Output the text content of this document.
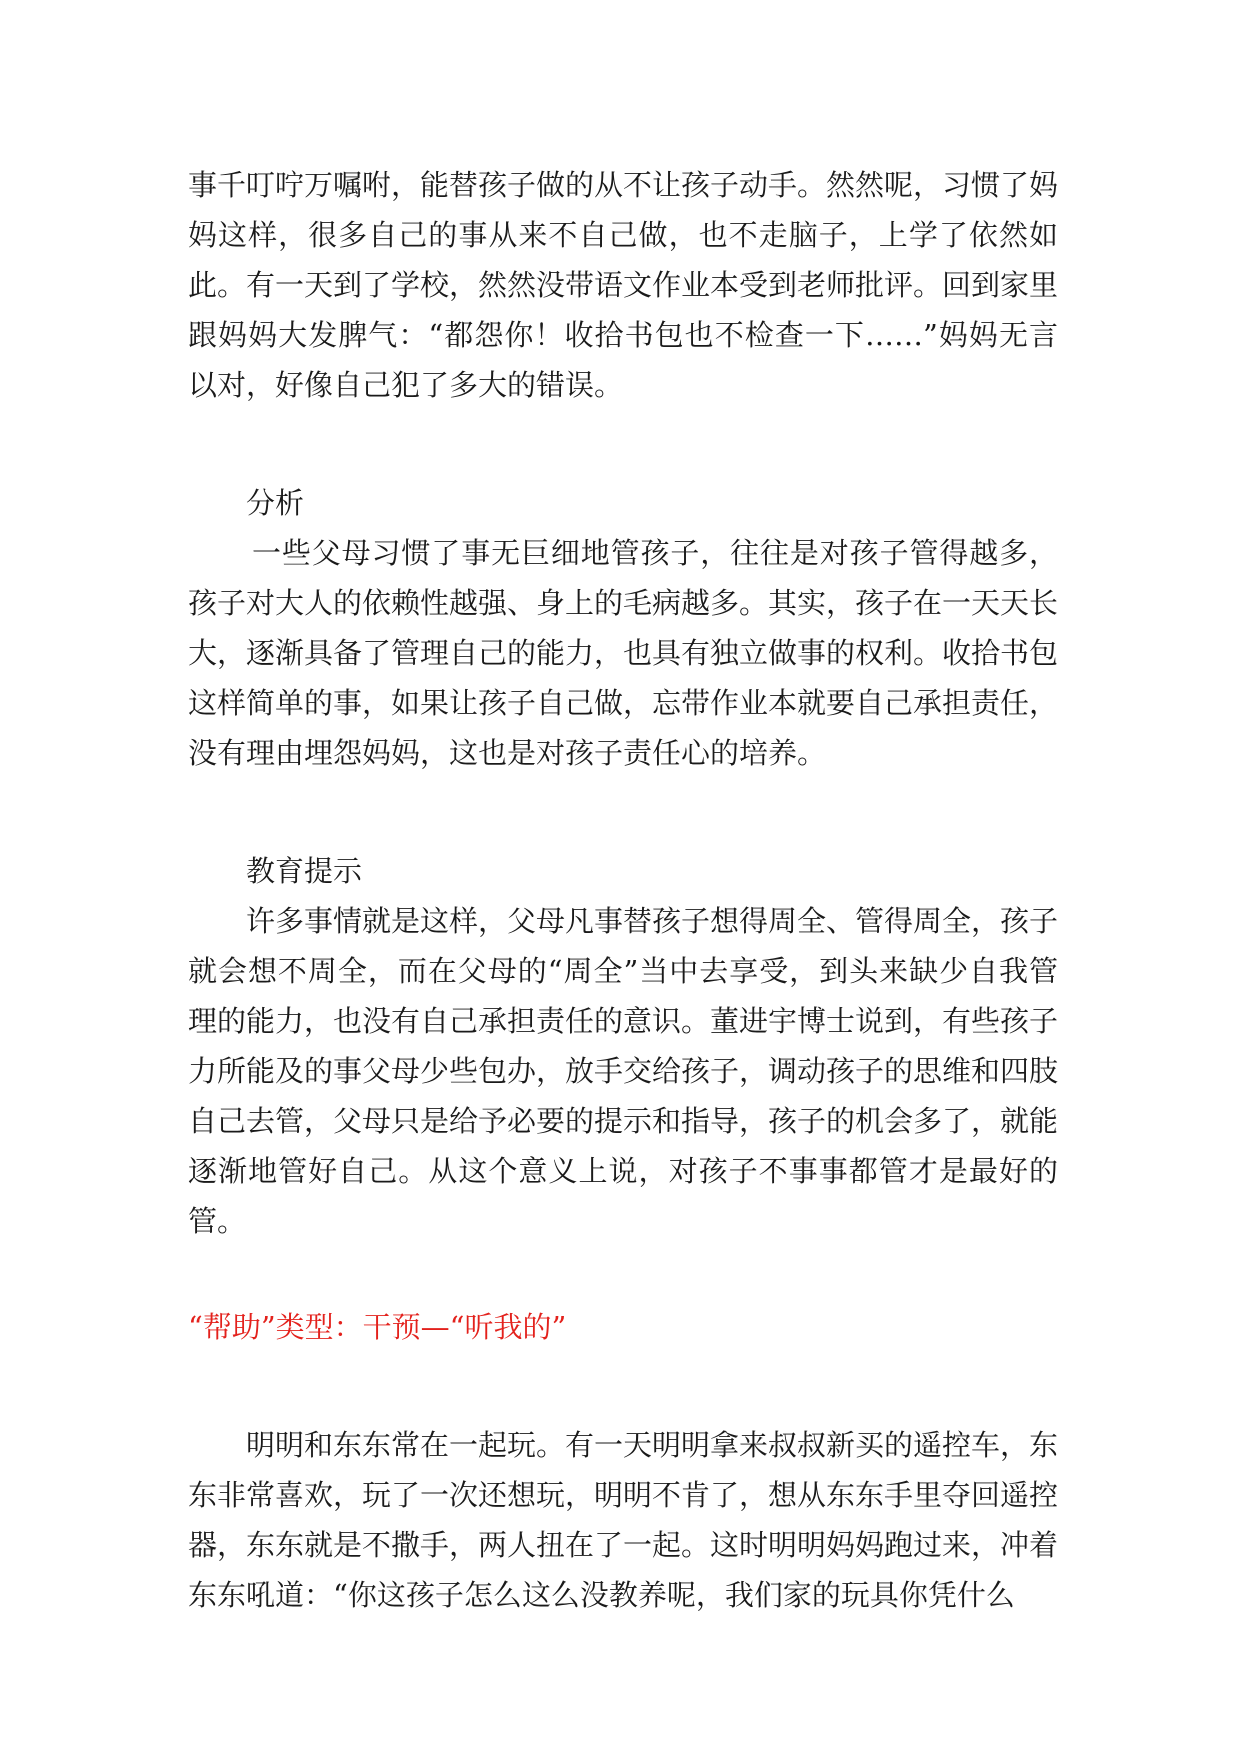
事千叮咛万嘱咐，能替孩子做的从不让孩子动手。然然呢，习惯了妈妈这样，很多自己的事从来不自己做，也不走脑子，上学了依然如此。有一天到了学校，然然没带语文作业本受到老师批评。回到家里跟妈妈大发脾气：“都怨你！收拾书包也不检查一下……”妈妈无言以对，好像自己犯了多大的错误。

分析

一些父母习惯了事无巨细地管孩子，往往是对孩子管得越多，孩子对大人的依赖性越强、身上的毛病越多。其实，孩子在一天天长大，逐渐具备了管理自己的能力，也具有独立做事的权利。收拾书包这样简单的事，如果让孩子自己做，忘带作业本就要自己承担责任，没有理由埋怨妈妈，这也是对孩子责任心的培养。

教育提示

许多事情就是这样，父母凡事替孩子想得周全、管得周全，孩子就会想不周全，而在父母的“周全”当中去享受，到头来缺少自我管理的能力，也没有自己承担责任的意识。董进宇博士说到，有些孩子力所能及的事父母少些包办，放手交给孩子，调动孩子的思维和四肢自己去管，父母只是给予必要的提示和指导，孩子的机会多了，就能逐渐地管好自己。从这个意义上说，对孩子不事事都管才是最好的管。

“帮助”类型：干预—“听我的”

明明和东东常在一起玩。有一天明明拿来叔叔新买的遥控车，东东非常喜欢，玩了一次还想玩，明明不肯了，想从东东手里夺回遥控器，东东就是不撒手，两人扭在了一起。这时明明妈妈跑过来，冲着东东吼道：“你这孩子怎么这么没教养呢，我们家的玩具你凭什么
